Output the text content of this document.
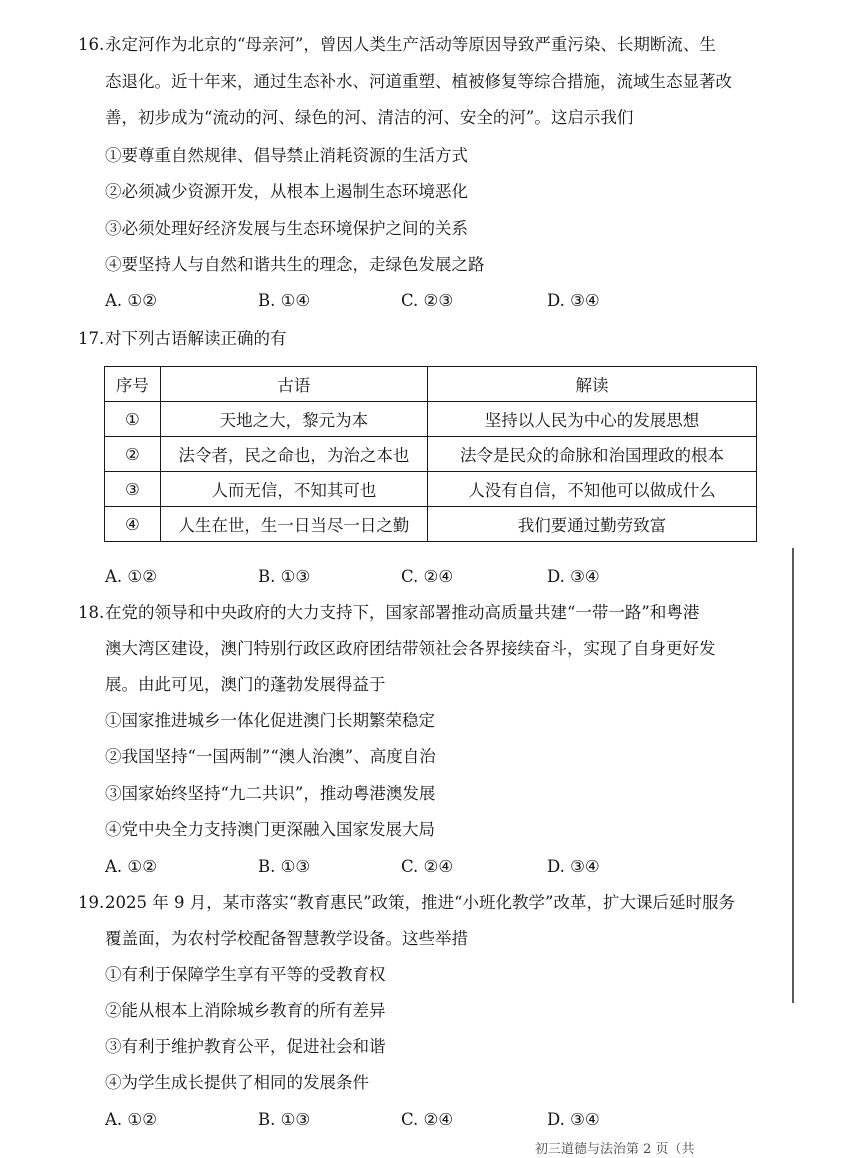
16. 永定河作为北京的“母亲河”，曾因人类生产活动等原因导致严重污染、长期断流、生
态退化。近十年来，通过生态补水、河道重塑、植被修复等综合措施，流域生态显著改
善，初步成为“流动的河、绿色的河、清洁的河、安全的河”。这启示我们
①要尊重自然规律、倡导禁止消耗资源的生活方式
②必须减少资源开发，从根本上遏制生态环境恶化
③必须处理好经济发展与生态环境保护之间的关系
④要坚持人与自然和谐共生的理念，走绿色发展之路
A. ①②	B. ①④	C. ②③	D. ③④
17. 对下列古语解读正确的有
序号	古语	解读
①	天地之大，黎元为本	坚持以人民为中心的发展思想
②	法令者，民之命也，为治之本也	法令是民众的命脉和治国理政的根本
③	人而无信，不知其可也	人没有自信，不知他可以做成什么
④	人生在世，生一日当尽一日之勤	我们要通过勤劳致富
A. ①②	B. ①③	C. ②④	D. ③④
18. 在党的领导和中央政府的大力支持下，国家部署推动高质量共建“一带一路”和粤港
澳大湾区建设，澳门特别行政区政府团结带领社会各界接续奋斗，实现了自身更好发
展。由此可见，澳门的蓬勃发展得益于
①国家推进城乡一体化促进澳门长期繁荣稳定
②我国坚持“一国两制”“澳人治澳”、高度自治
③国家始终坚持“九二共识”，推动粤港澳发展
④党中央全力支持澳门更深融入国家发展大局
A. ①②	B. ①③	C. ②④	D. ③④
19. 2025 年 9 月，某市落实“教育惠民”政策，推进“小班化教学”改革，扩大课后延时服务
覆盖面，为农村学校配备智慧教学设备。这些举措
①有利于保障学生享有平等的受教育权
②能从根本上消除城乡教育的所有差异
③有利于维护教育公平，促进社会和谐
④为学生成长提供了相同的发展条件
A. ①②	B. ①③	C. ②④	D. ③④
初三道德与法治第 2 页（共
